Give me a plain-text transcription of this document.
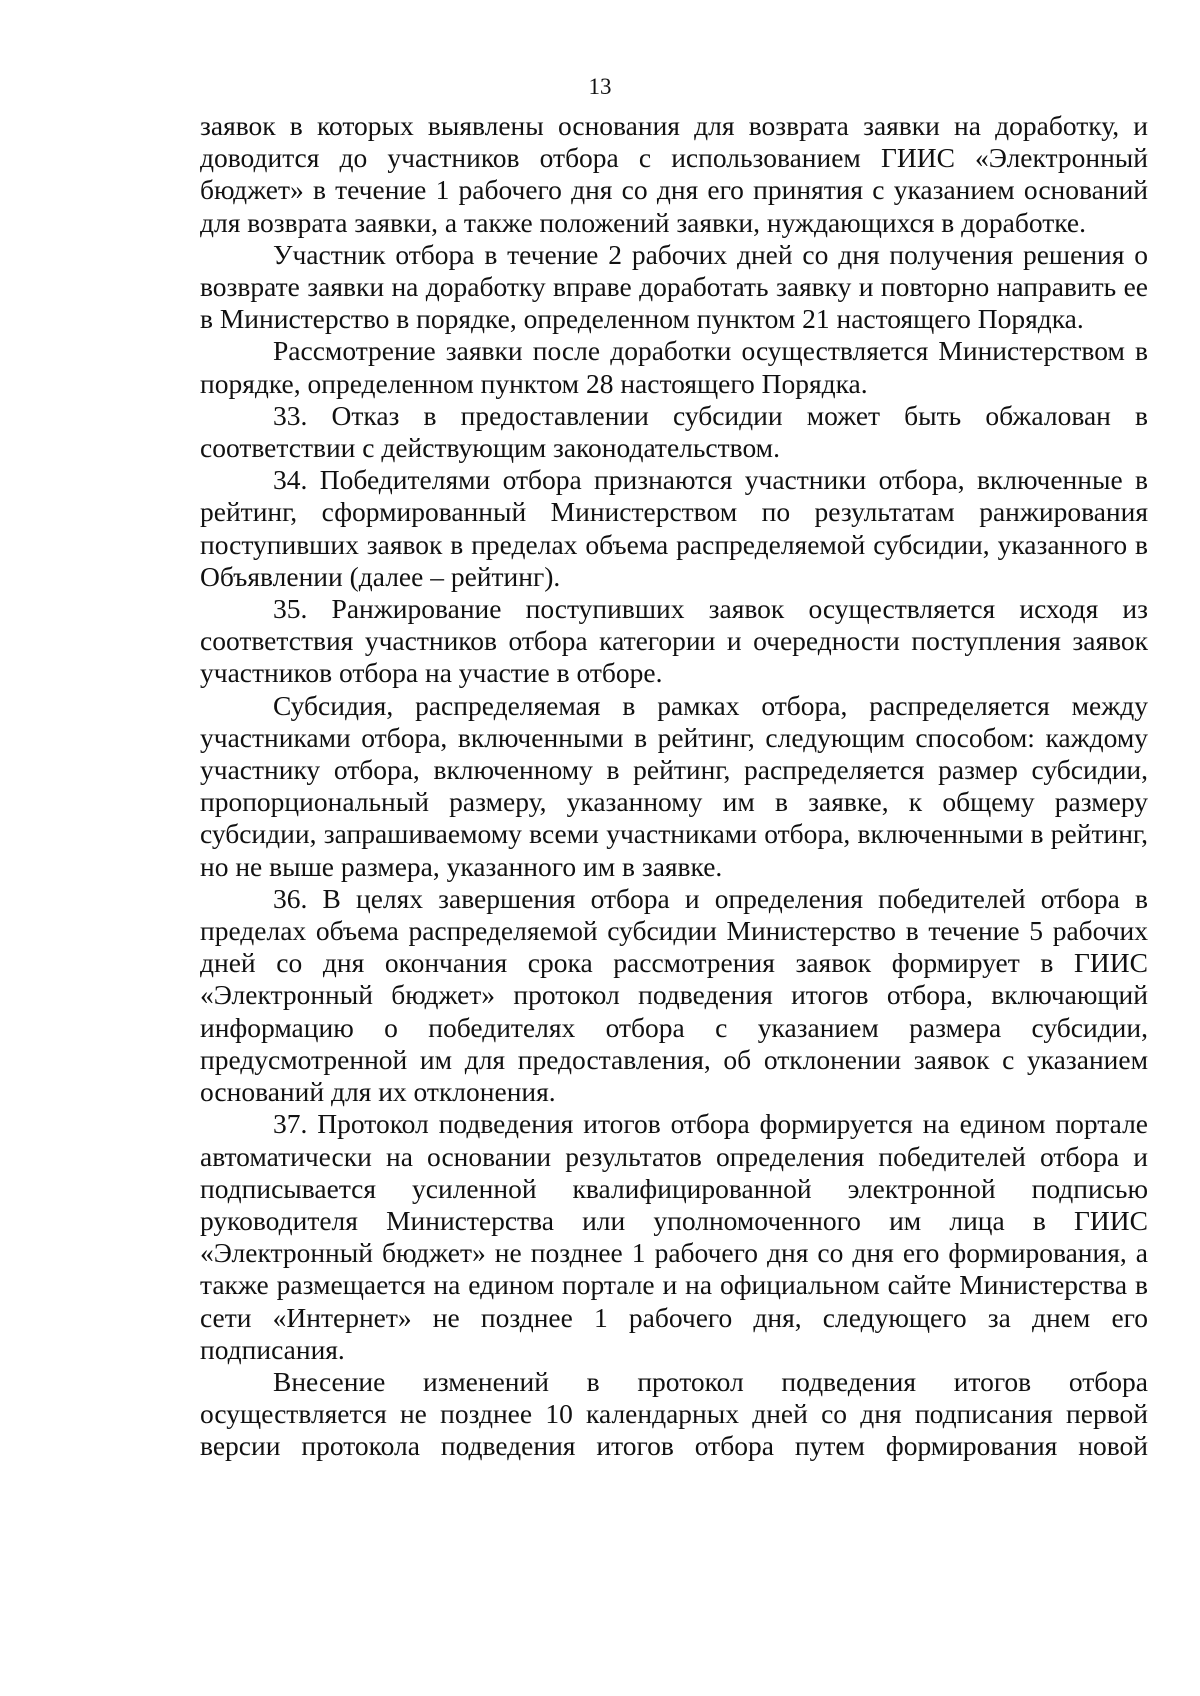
13

заявок в которых выявлены основания для возврата заявки на доработку, и доводится до участников отбора с использованием ГИИС «Электронный бюджет» в течение 1 рабочего дня со дня его принятия с указанием оснований для возврата заявки, а также положений заявки, нуждающихся в доработке.

Участник отбора в течение 2 рабочих дней со дня получения решения о возврате заявки на доработку вправе доработать заявку и повторно направить ее в Министерство в порядке, определенном пунктом 21 настоящего Порядка.

Рассмотрение заявки после доработки осуществляется Министерством в порядке, определенном пунктом 28 настоящего Порядка.

33. Отказ в предоставлении субсидии может быть обжалован в соответствии с действующим законодательством.

34. Победителями отбора признаются участники отбора, включенные в рейтинг, сформированный Министерством по результатам ранжирования поступивших заявок в пределах объема распределяемой субсидии, указанного в Объявлении (далее – рейтинг).

35. Ранжирование поступивших заявок осуществляется исходя из соответствия участников отбора категории и очередности поступления заявок участников отбора на участие в отборе.

Субсидия, распределяемая в рамках отбора, распределяется между участниками отбора, включенными в рейтинг, следующим способом: каждому участнику отбора, включенному в рейтинг, распределяется размер субсидии, пропорциональный размеру, указанному им в заявке, к общему размеру субсидии, запрашиваемому всеми участниками отбора, включенными в рейтинг, но не выше размера, указанного им в заявке.

36. В целях завершения отбора и определения победителей отбора в пределах объема распределяемой субсидии Министерство в течение 5 рабочих дней со дня окончания срока рассмотрения заявок формирует в ГИИС «Электронный бюджет» протокол подведения итогов отбора, включающий информацию о победителях отбора с указанием размера субсидии, предусмотренной им для предоставления, об отклонении заявок с указанием оснований для их отклонения.

37. Протокол подведения итогов отбора формируется на едином портале автоматически на основании результатов определения победителей отбора и подписывается усиленной квалифицированной электронной подписью руководителя Министерства или уполномоченного им лица в ГИИС «Электронный бюджет» не позднее 1 рабочего дня со дня его формирования, а также размещается на едином портале и на официальном сайте Министерства в сети «Интернет» не позднее 1 рабочего дня, следующего за днем его подписания.

Внесение изменений в протокол подведения итогов отбора осуществляется не позднее 10 календарных дней со дня подписания первой версии протокола подведения итогов отбора путем формирования новой
